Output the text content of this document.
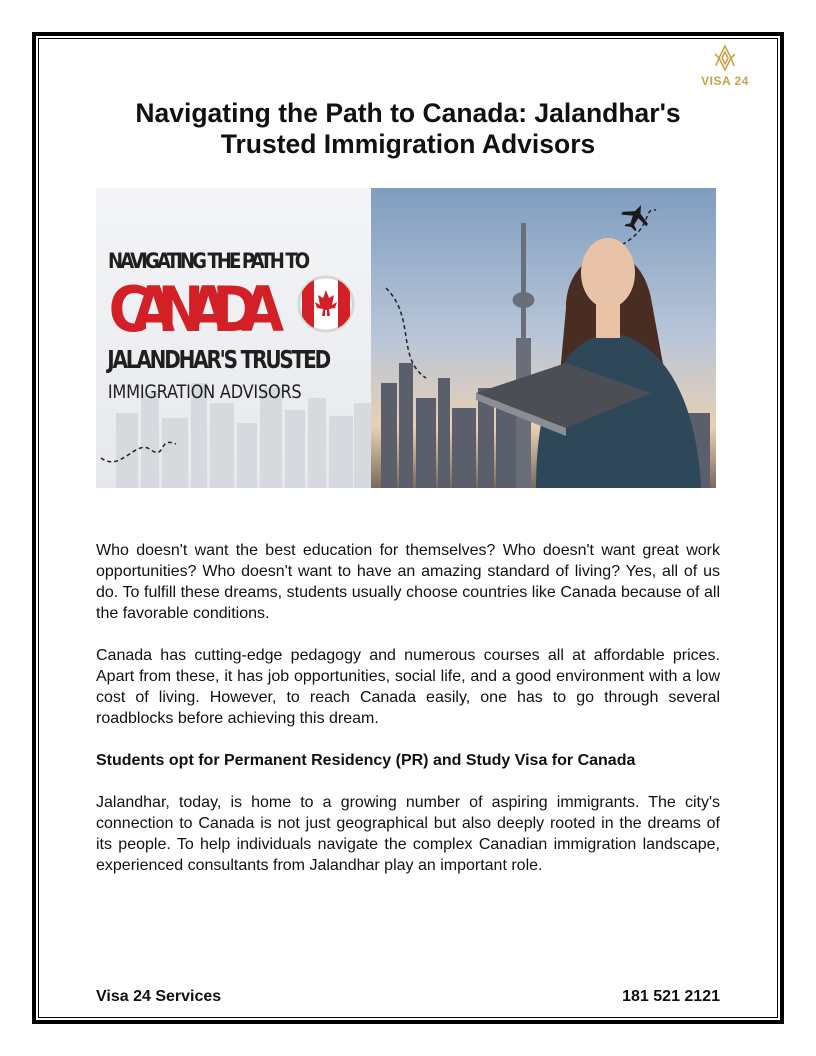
VISA 24
Navigating the Path to Canada: Jalandhar's Trusted Immigration Advisors
NAVIGATING THE PATH TO
CANADA
JALANDHAR'S TRUSTED
IMMIGRATION ADVISORS

Who doesn't want the best education for themselves? Who doesn't want great work opportunities? Who doesn't want to have an amazing standard of living? Yes, all of us do. To fulfill these dreams, students usually choose countries like Canada because of all the favorable conditions.

Canada has cutting-edge pedagogy and numerous courses all at affordable prices. Apart from these, it has job opportunities, social life, and a good environment with a low cost of living. However, to reach Canada easily, one has to go through several roadblocks before achieving this dream.

Students opt for Permanent Residency (PR) and Study Visa for Canada

Jalandhar, today, is home to a growing number of aspiring immigrants. The city's connection to Canada is not just geographical but also deeply rooted in the dreams of its people. To help individuals navigate the complex Canadian immigration landscape, experienced consultants from Jalandhar play an important role.

Visa 24 Services	181 521 2121
